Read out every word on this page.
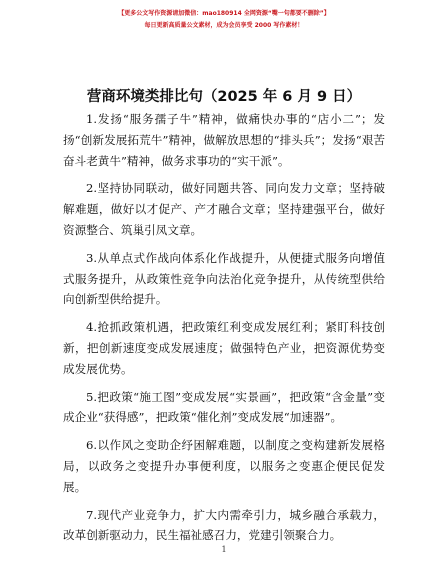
【更多公文写作资源请加微信：mao180914 全网资源“嘴一句都要不删除”】
每日更新高质量公文素材，成为会员享受 2000 写作素材！
营商环境类排比句（2025 年 6 月 9 日）

1.发扬“服务孺子牛”精神，做痛快办事的“店小二”；发扬“创新发展拓荒牛”精神，做解放思想的“排头兵”；发扬“艰苦奋斗老黄牛”精神，做务求事功的“实干派”。

2.坚持协同联动，做好同题共答、同向发力文章；坚持破解难题，做好以才促产、产才融合文章；坚持建强平台，做好资源整合、筑巢引凤文章。

3.从单点式作战向体系化作战提升，从便捷式服务向增值式服务提升，从政策性竞争向法治化竞争提升，从传统型供给向创新型供给提升。

4.抢抓政策机遇，把政策红利变成发展红利；紧盯科技创新，把创新速度变成发展速度；做强特色产业，把资源优势变成发展优势。

5.把政策“施工图”变成发展“实景画”，把政策“含金量”变成企业“获得感”，把政策“催化剂”变成发展“加速器”。

6.以作风之变助企纾困解难题，以制度之变构建新发展格局，以政务之变提升办事便利度，以服务之变惠企便民促发展。

7.现代产业竞争力，扩大内需牵引力，城乡融合承载力，改革创新驱动力，民生福祉感召力，党建引领聚合力。

1
